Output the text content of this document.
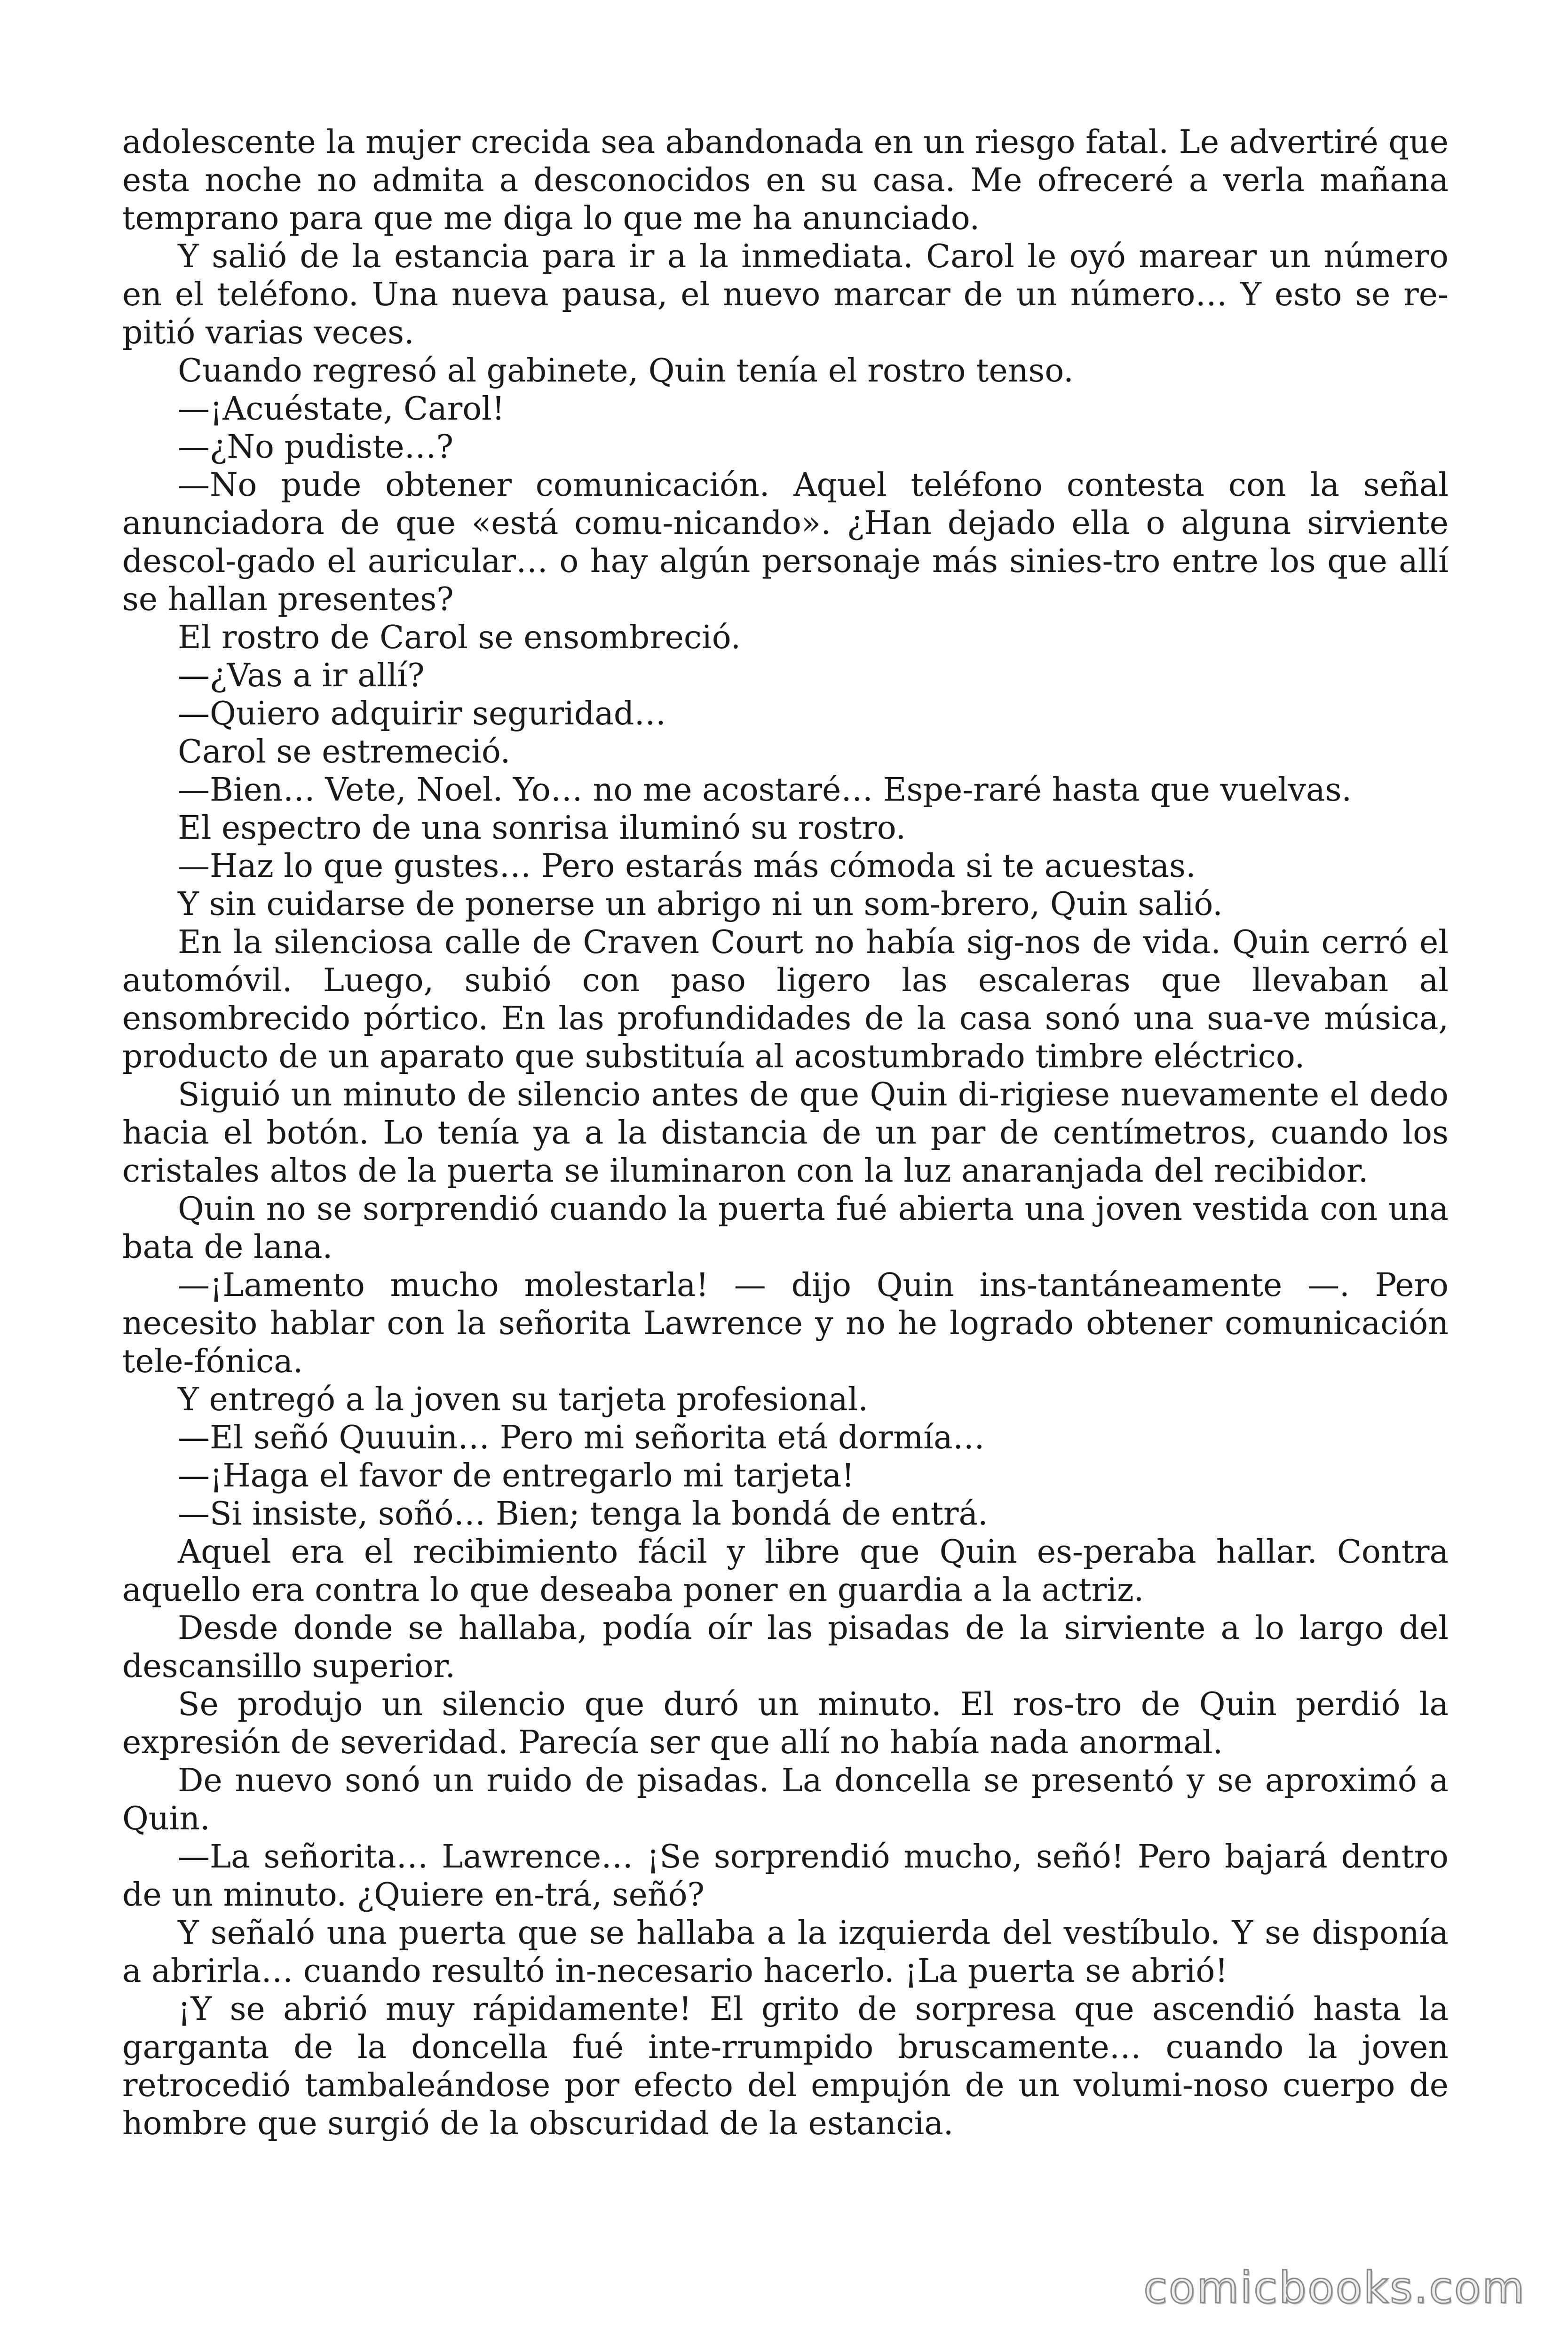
adolescente la mujer crecida sea abandonada en un riesgo fatal. Le advertiré que esta noche no admita a desconocidos en su casa. Me ofreceré a verla mañana temprano para que me diga lo que me ha anunciado.

Y salió de la estancia para ir a la inmediata. Carol le oyó marear un número en el teléfono. Una nueva pausa, el nuevo marcar de un número… Y esto se re-pitió varias veces.

Cuando regresó al gabinete, Quin tenía el rostro tenso.

—¡Acuéstate, Carol!

—¿No pudiste…?

—No pude obtener comunicación. Aquel teléfono contesta con la señal anunciadora de que «está comu-nicando». ¿Han dejado ella o alguna sirviente descol-gado el auricular… o hay algún personaje más sinies-tro entre los que allí se hallan presentes?

El rostro de Carol se ensombreció.

—¿Vas a ir allí?

—Quiero adquirir seguridad…

Carol se estremeció.

—Bien… Vete, Noel. Yo… no me acostaré… Espe-raré hasta que vuelvas.

El espectro de una sonrisa iluminó su rostro.

—Haz lo que gustes… Pero estarás más cómoda si te acuestas.

Y sin cuidarse de ponerse un abrigo ni un som-brero, Quin salió.

En la silenciosa calle de Craven Court no había sig-nos de vida. Quin cerró el automóvil. Luego, subió con paso ligero las escaleras que llevaban al ensombrecido pórtico. En las profundidades de la casa sonó una sua-ve música, producto de un aparato que substituía al acostumbrado timbre eléctrico.

Siguió un minuto de silencio antes de que Quin di-rigiese nuevamente el dedo hacia el botón. Lo tenía ya a la distancia de un par de centímetros, cuando los cristales altos de la puerta se iluminaron con la luz anaranjada del recibidor.

Quin no se sorprendió cuando la puerta fué abierta una joven vestida con una bata de lana.

—¡Lamento mucho molestarla! — dijo Quin ins-tantáneamente —. Pero necesito hablar con la señorita Lawrence y no he logrado obtener comunicación tele-fónica.

Y entregó a la joven su tarjeta profesional.

—El señó Quuuin… Pero mi señorita etá dormía…

—¡Haga el favor de entregarlo mi tarjeta!

—Si insiste, soñó… Bien; tenga la bondá de entrá.

Aquel era el recibimiento fácil y libre que Quin es-peraba hallar. Contra aquello era contra lo que deseaba poner en guardia a la actriz.

Desde donde se hallaba, podía oír las pisadas de la sirviente a lo largo del descansillo superior.

Se produjo un silencio que duró un minuto. El ros-tro de Quin perdió la expresión de severidad. Parecía ser que allí no había nada anormal.

De nuevo sonó un ruido de pisadas. La doncella se presentó y se aproximó a Quin.

—La señorita… Lawrence… ¡Se sorprendió mucho, señó! Pero bajará dentro de un minuto. ¿Quiere en-trá, señó?

Y señaló una puerta que se hallaba a la izquierda del vestíbulo. Y se disponía a abrirla… cuando resultó in-necesario hacerlo. ¡La puerta se abrió!

¡Y se abrió muy rápidamente! El grito de sorpresa que ascendió hasta la garganta de la doncella fué inte-rrumpido bruscamente… cuando la joven retrocedió tambaleándose por efecto del empujón de un volumi-noso cuerpo de hombre que surgió de la obscuridad de la estancia.

comicbooks.com
